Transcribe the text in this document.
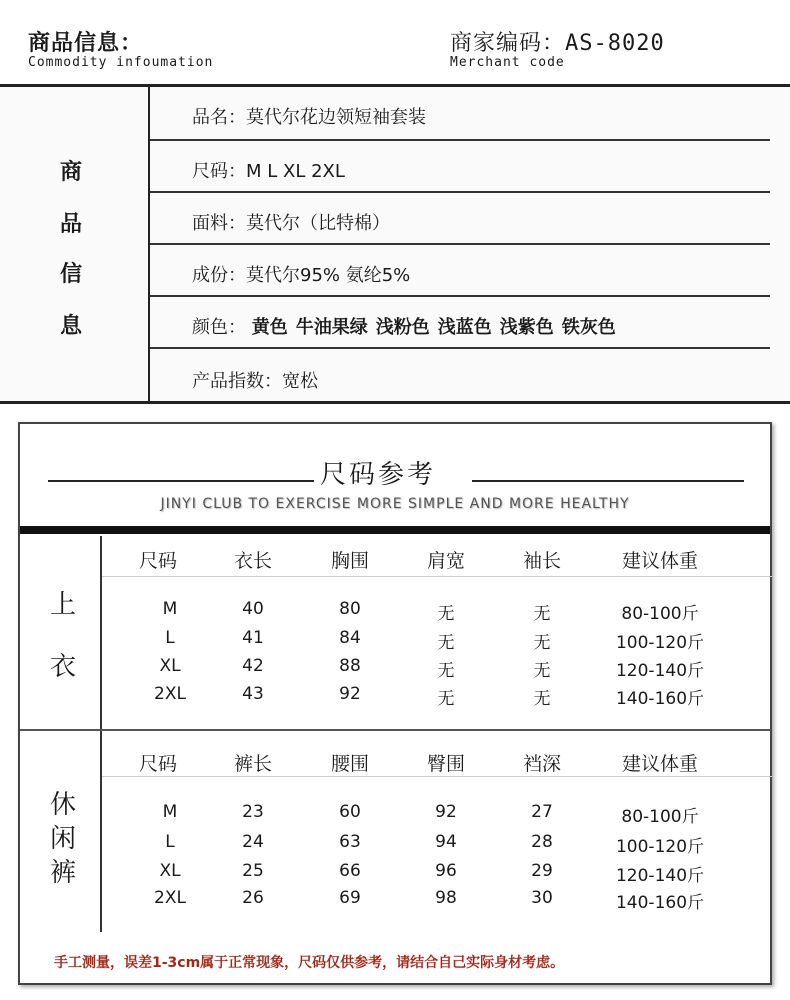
商品信息：
Commodity infoumation
商家编码：AS-8020
Merchant code
商
品
信
息
品名：莫代尔花边领短袖套装
尺码：M L XL 2XL
面料：莫代尔（比特棉）
成份：莫代尔95% 氨纶5%
颜色： 黄色 牛油果绿 浅粉色 浅蓝色 浅紫色 铁灰色
产品指数：宽松
尺码参考
JINYI CLUB TO EXERCISE MORE SIMPLE AND MORE HEALTHY
上
衣
休
闲
裤
尺码	衣长	胸围	肩宽	袖长	建议体重
M	40	80	无	无	80-100斤
L	41	84	无	无	100-120斤
XL	42	88	无	无	120-140斤
2XL	43	92	无	无	140-160斤
尺码	裤长	腰围	臀围	裆深	建议体重
M	23	60	92	27	80-100斤
L	24	63	94	28	100-120斤
XL	25	66	96	29	120-140斤
2XL	26	69	98	30	140-160斤
手工测量，误差1-3cm属于正常现象，尺码仅供参考，请结合自己实际身材考虑。
